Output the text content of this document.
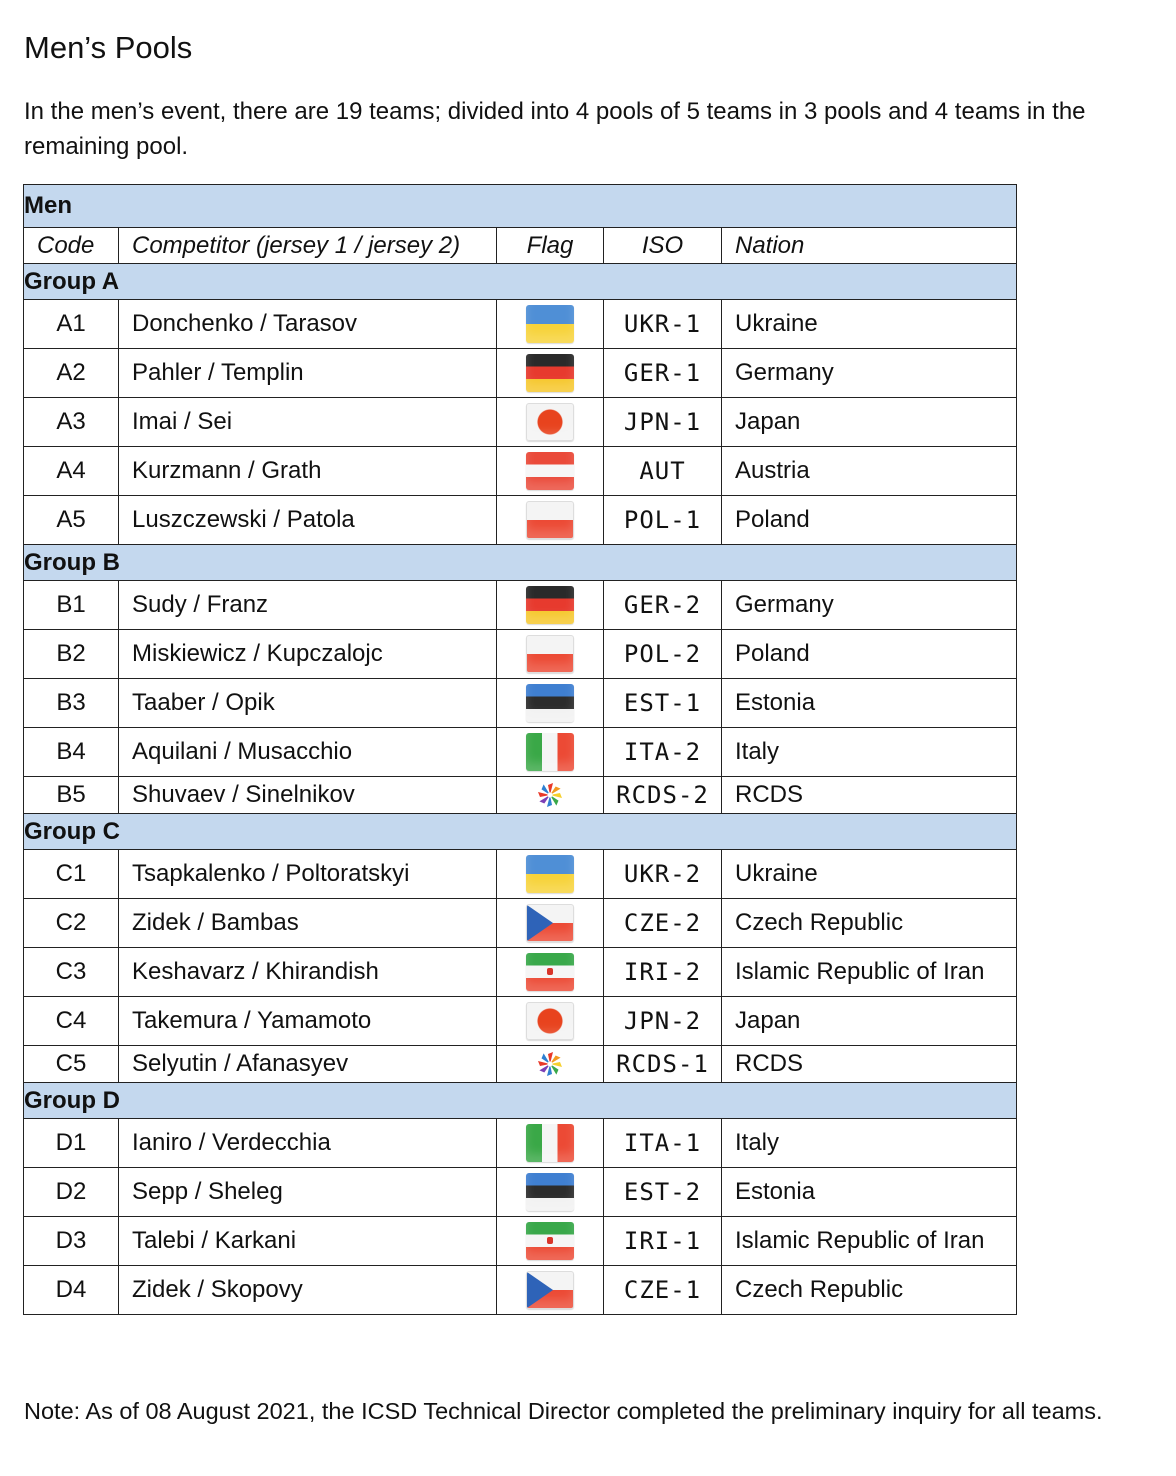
Men’s Pools

In the men’s event, there are 19 teams; divided into 4 pools of 5 teams in 3 pools and 4 teams in the remaining pool.

Men				
Code	Competitor (jersey 1 / jersey 2)	Flag	ISO	Nation
Group A				
A1	Donchenko / Tarasov		UKR-1	Ukraine
A2	Pahler / Templin		GER-1	Germany
A3	Imai / Sei		JPN-1	Japan
A4	Kurzmann / Grath		AUT	Austria
A5	Luszczewski / Patola		POL-1	Poland
Group B				
B1	Sudy / Franz		GER-2	Germany
B2	Miskiewicz / Kupczalojc		POL-2	Poland
B3	Taaber / Opik		EST-1	Estonia
B4	Aquilani / Musacchio		ITA-2	Italy
B5	Shuvaev / Sinelnikov		RCDS-2	RCDS
Group C				
C1	Tsapkalenko / Poltoratskyi		UKR-2	Ukraine
C2	Zidek / Bambas		CZE-2	Czech Republic
C3	Keshavarz / Khirandish		IRI-2	Islamic Republic of Iran
C4	Takemura / Yamamoto		JPN-2	Japan
C5	Selyutin / Afanasyev		RCDS-1	RCDS
Group D				
D1	Ianiro / Verdecchia		ITA-1	Italy
D2	Sepp / Sheleg		EST-2	Estonia
D3	Talebi / Karkani		IRI-1	Islamic Republic of Iran
D4	Zidek / Skopovy		CZE-1	Czech Republic

Note: As of 08 August 2021, the ICSD Technical Director completed the preliminary inquiry for all teams.
